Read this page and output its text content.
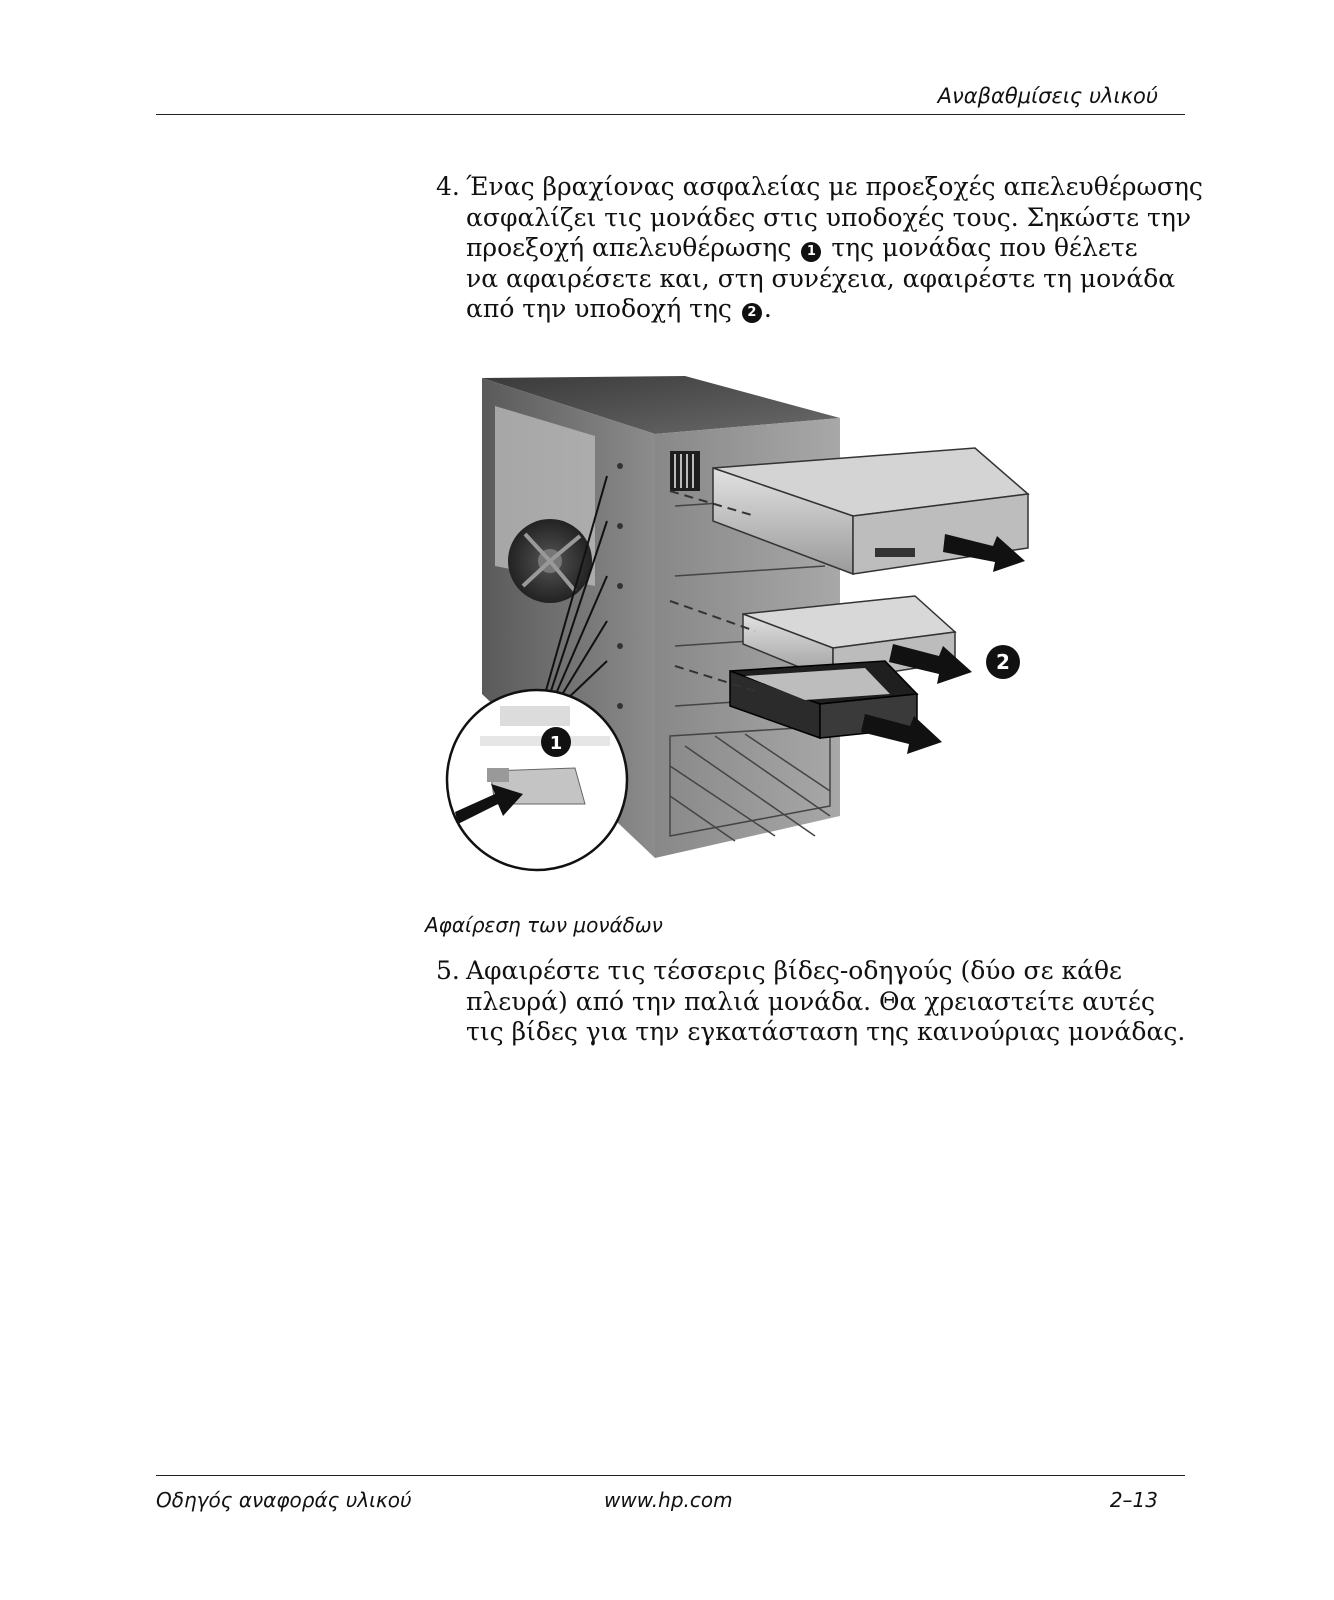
Αναβαθμίσεις υλικού
4. Ένας βραχίονας ασφαλείας με προεξοχές απελευθέρωσης
ασφαλίζει τις μονάδες στις υποδοχές τους. Σηκώστε την
προεξοχή απελευθέρωσης 1 της μονάδας που θέλετε
να αφαιρέσετε και, στη συνέχεια, αφαιρέστε τη μονάδα
από την υποδοχή της 2 .
2
1
Αφαίρεση των μονάδων
5. Αφαιρέστε τις τέσσερις βίδες-οδηγούς (δύο σε κάθε
πλευρά) από την παλιά μονάδα. Θα χρειαστείτε αυτές
τις βίδες για την εγκατάσταση της καινούριας μονάδας.
Οδηγός αναφοράς υλικού	www.hp.com	2–13
